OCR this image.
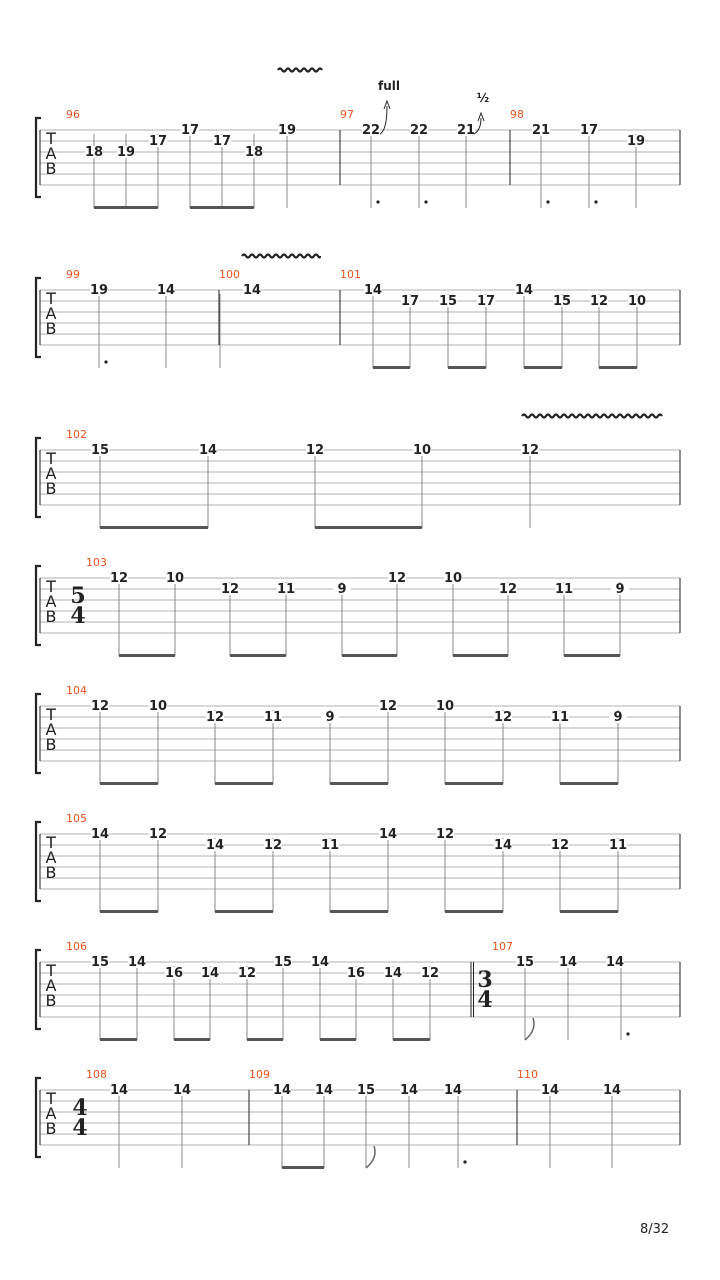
T
A
B
96	97	98
18 19
17
17
17
18
19	22 22 21	21 17
19
full
½
T
A
B
99	100	101
19	14	14	14
17 15 17
14
15 12 10
T
A
B
102
15	14	12	10	12
T
A
B
103
5
4
12	10
12	11	9
12	10
12	11	9
T
A
B
104
12	10
12	11	9
12	10
12	11	9
T
A
B
105
14	12
14	12	11
14	12
14	12	11
T
A
B
106	107
3
4
15 14
16 14 12
15 14
16 14 12
15 14 14
T
A
B
108	109	110
4
4
14	14	14 14 15 14 14	14	14
8/32
